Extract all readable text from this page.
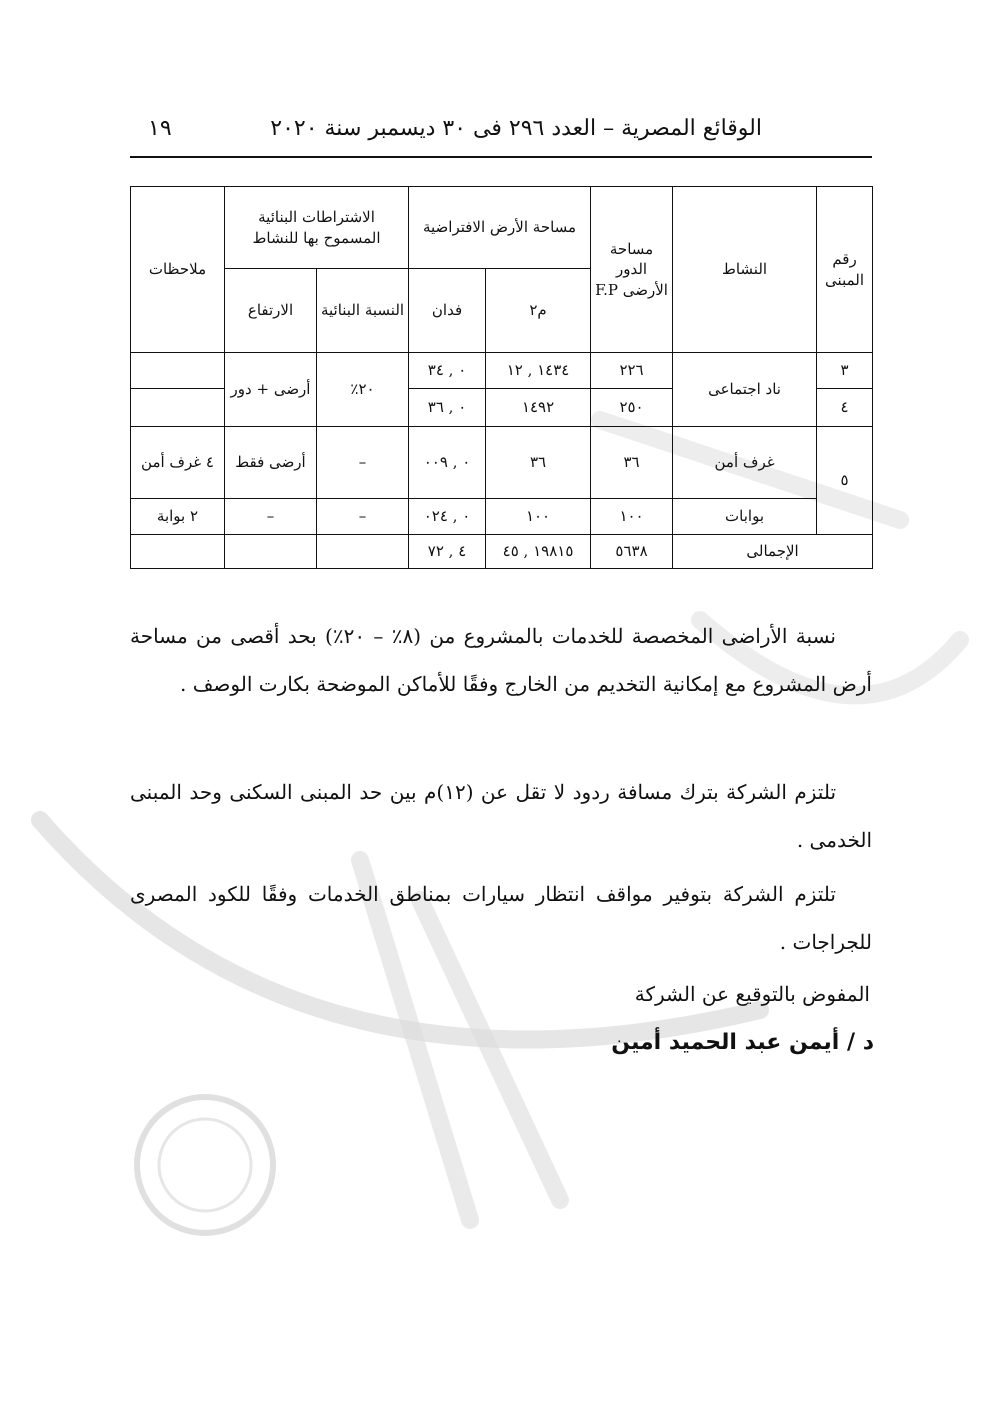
الوقائع المصرية – العدد ٢٩٦ فى ٣٠ ديسمبر سنة ٢٠٢٠
١٩
رقم المبنى	النشاط	مساحة الدور الأرضى F.P	مساحة الأرض الافتراضية		الاشتراطات البنائية المسموح بها للنشاط		ملاحظات
			م٢	فدان	النسبة البنائية	الارتفاع	
٣	ناد اجتماعى	٢٢٦	١٤٣٤ , ١٢	٠ , ٣٤	٢٠٪	أرضى + دور	
٤		٢٥٠	١٤٩٢	٠ , ٣٦			
٥	غرف أمن	٣٦	٣٦	٠ , ٠٠٩	–	أرضى فقط	٤ غرف أمن
	بوابات	١٠٠	١٠٠	٠ , ٠٢٤	–	–	٢ بوابة
الإجمالى		٥٦٣٨	١٩٨١٥ , ٤٥	٤ , ٧٢			
نسبة الأراضى المخصصة للخدمات بالمشروع من (٨٪ – ٢٠٪) بحد أقصى من مساحة أرض المشروع مع إمكانية التخديم من الخارج وفقًا للأماكن الموضحة بكارت الوصف .
تلتزم الشركة بترك مسافة ردود لا تقل عن (١٢)م بين حد المبنى السكنى وحد المبنى الخدمى .
تلتزم الشركة بتوفير مواقف انتظار سيارات بمناطق الخدمات وفقًا للكود المصرى للجراجات .
المفوض بالتوقيع عن الشركة
د / أيمن عبد الحميد أمين
